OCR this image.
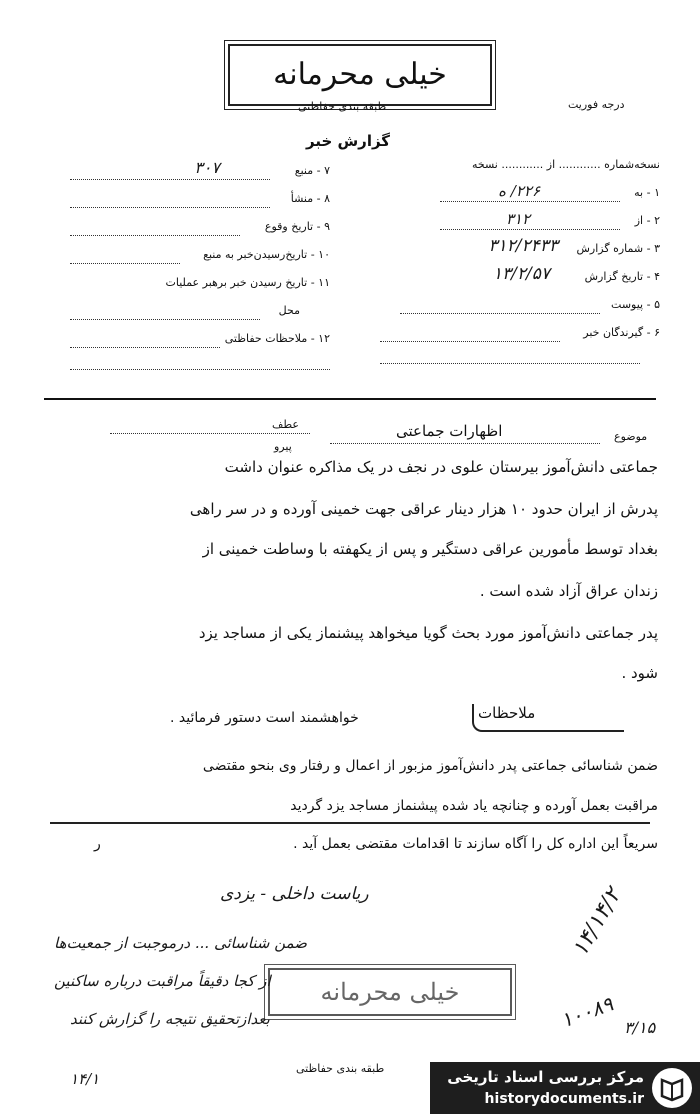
خیلی محرمانه
طبقه بندی حفاظتی	درجه فوریت
گزارش خبر
نسخه‌شماره ............ از ............ نسخه
۱ - به
۲۲۶/ ه
۲ - از
۳۱۲
۳ - شماره گزارش
۳۱۲/۲۴۳۳
۴ - تاریخ گزارش
۱۳/۲/۵۷
۵ - پیوست
۶ - گیرندگان خبر
۷ - منبع
۳۰۷
۸ - منشأ
۹ - تاریخ وقوع
۱۰ - تاریخ‌رسیدن‌خبر به منبع
۱۱ - تاریخ رسیدن خبر برهبر عملیات
محل
۱۲ - ملاحظات حفاظتی
عطف
پیرو
موضوع
اظهارات جماعتی
جماعتی دانش‌آموز بیرستان علوی در نجف در یک مذاکره عنوان داشت
پدرش از ایران حدود ۱۰ هزار دینار عراقی جهت خمینی آورده و در سر راهی
بغداد توسط مأمورین عراقی دستگیر و پس از یکهفته با وساطت خمینی از
زندان عراق آزاد شده است .
پدر جماعتی دانش‌آموز مورد بحث گویا میخواهد پیشنماز یکی از مساجد یزد
شود .
ملاحظات
خواهشمند است دستور فرمائید .
ضمن شناسائی جماعتی پدر دانش‌آموز مزبور از اعمال و رفتار وی بنحو مقتضی
مراقبت بعمل آورده و چنانچه یاد شده پیشنماز مساجد یزد گردید
سریعاً این اداره کل را آگاه سازند تا اقدامات مقتضی بعمل آید .
ر
ریاست داخلی - یزدی
ضمن شناسائی ... درموجبت از جمعیت‌ها
از کجا دقیقاً مراقبت درباره ساکنین
بعدازتحقیق نتیجه را گزارش کنند
۱۴/۱۴/۲
۱۰۰۸۹ ۳/۱۵
۱۴/۱
خیلی محرمانه
طبقه بندی حفاظتی	مرکز بررسی اسناد تاریخی
historydocuments.ir
